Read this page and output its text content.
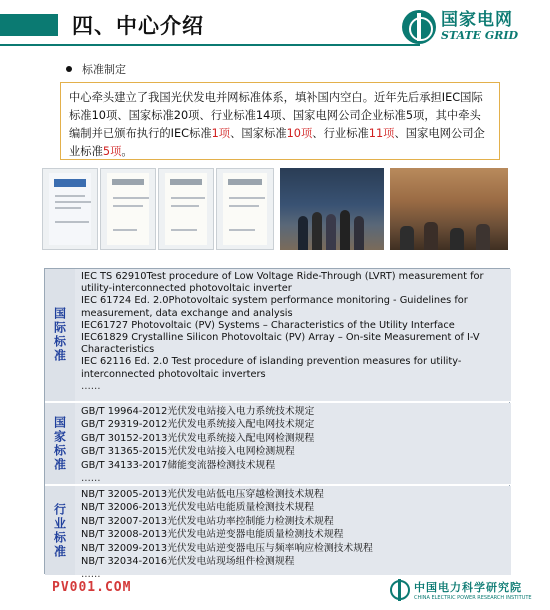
四、中心介绍	国家电网
STATE GRID
标准制定
中心牵头建立了我国光伏发电并网标准体系，填补国内空白。近年先后承担IEC国际标准10项、国家标准20项、行业标准14项、国家电网公司企业标准5项，其中牵头编制并已颁布执行的IEC标准1项、国家标准10项、行业标准11项、国家电网公司企业标准5项。
国际标准
IEC TS 62910Test procedure of Low Voltage Ride-Through (LVRT) measurement for utility-interconnected photovoltaic inverter
IEC 61724 Ed. 2.0Photovoltaic system performance monitoring - Guidelines for measurement, data exchange and analysis
IEC61727 Photovoltaic (PV) Systems – Characteristics of the Utility Interface
IEC61829 Crystalline Silicon Photovoltaic (PV) Array – On-site Measurement of I-V Characteristics
IEC 62116 Ed. 2.0 Test procedure of islanding prevention measures for utility-interconnected photovoltaic inverters
……
国家标准
GB/T 19964-2012光伏发电站接入电力系统技术规定
GB/T 29319-2012光伏发电系统接入配电网技术规定
GB/T 30152-2013光伏发电系统接入配电网检测规程
GB/T 31365-2015光伏发电站接入电网检测规程
GB/T 34133-2017储能变流器检测技术规程
……
行业标准
NB/T 32005-2013光伏发电站低电压穿越检测技术规程
NB/T 32006-2013光伏发电站电能质量检测技术规程
NB/T 32007-2013光伏发电站功率控制能力检测技术规程
NB/T 32008-2013光伏发电站逆变器电能质量检测技术规程
NB/T 32009-2013光伏发电站逆变器电压与频率响应检测技术规程
NB/T 32034-2016光伏发电站现场组件检测规程
……
PV001.COM	中国电力科学研究院
CHINA ELECTRIC POWER RESEARCH INSTITUTE
